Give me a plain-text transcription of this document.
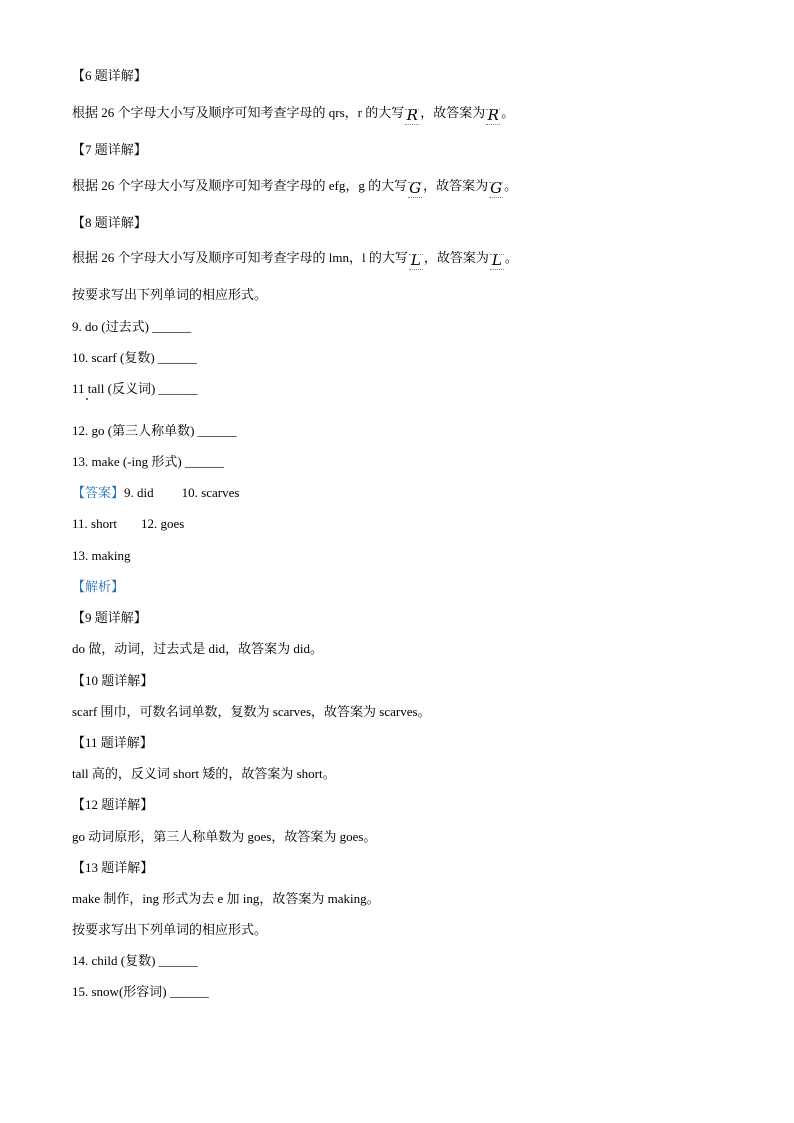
【6 题详解】
根据 26 个字母大小写及顺序可知考查字母的 qrs，r 的大写 R ，故答案为 R 。
【7 题详解】
根据 26 个字母大小写及顺序可知考查字母的 efg，g 的大写 G ，故答案为 G 。
【8 题详解】
根据 26 个字母大小写及顺序可知考查字母的 lmn，l 的大写 L ，故答案为 L 。
按要求写出下列单词的相应形式。
9. do (过去式) ______
10. scarf (复数) ______
11 tall (反义词) ______
12. go (第三人称单数) ______
13. make (-ing 形式) ______
【答案】9. did 10. scarves
11. short 12. goes
13. making
【解析】
【9 题详解】
do 做，动词，过去式是 did，故答案为 did。
【10 题详解】
scarf 围巾，可数名词单数，复数为 scarves，故答案为 scarves。
【11 题详解】
tall 高的，反义词 short 矮的，故答案为 short。
【12 题详解】
go 动词原形，第三人称单数为 goes，故答案为 goes。
【13 题详解】
make 制作，ing 形式为去 e 加 ing，故答案为 making。
按要求写出下列单词的相应形式。
14. child (复数) ______
15. snow(形容词) ______
